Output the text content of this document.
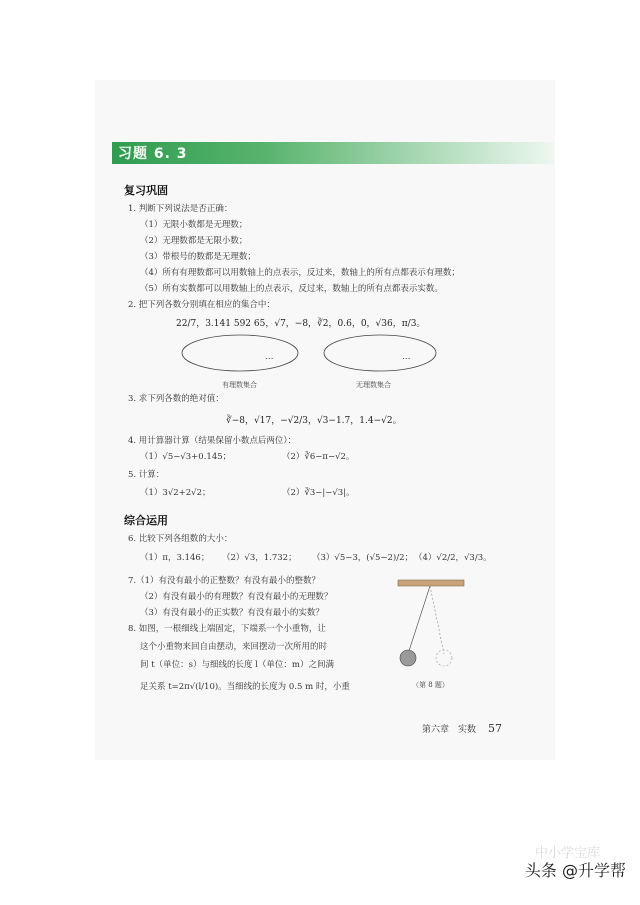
习题 6. 3
复习巩固
1. 判断下列说法是否正确：
（1）无限小数都是无理数；
（2）无理数都是无限小数；
（3）带根号的数都是无理数；
（4）所有有理数都可以用数轴上的点表示，反过来，数轴上的所有点都表示有理数；
（5）所有实数都可以用数轴上的点表示，反过来，数轴上的所有点都表示实数。
2. 把下列各数分别填在相应的集合中：
22/7，3.141 592 65，√7，−8，∛2，0.6，0，√36，π/3。
…	…
有理数集合	无理数集合
3. 求下列各数的绝对值：
∛−8，√17，−√2/3，√3−1.7，1.4−√2。
4. 用计算器计算（结果保留小数点后两位）：
（1）√5−√3+0.145；	（2）∛6−π−√2。
5. 计算：
（1）3√2+2√2；	（2）∛3−|−√3|。
综合运用
6. 比较下列各组数的大小：
（1）π，3.146； （2）√3，1.732； （3）√5−3，(√5−2)/2； （4）√2/2，√3/3。
7.（1）有没有最小的正整数？有没有最小的整数？
（2）有没有最小的有理数？有没有最小的无理数？
（3）有没有最小的正实数？有没有最小的实数？
8. 如图，一根细线上端固定，下端系一个小重物，让
这个小重物来回自由摆动，来回摆动一次所用的时
间 t（单位：s）与细线的长度 l（单位：m）之间满
足关系 t=2π√(l/10)。当细线的长度为 0.5 m 时，小重	（第 8 题）
第六章　实数 57
中小学宝库
头条 @升学帮
